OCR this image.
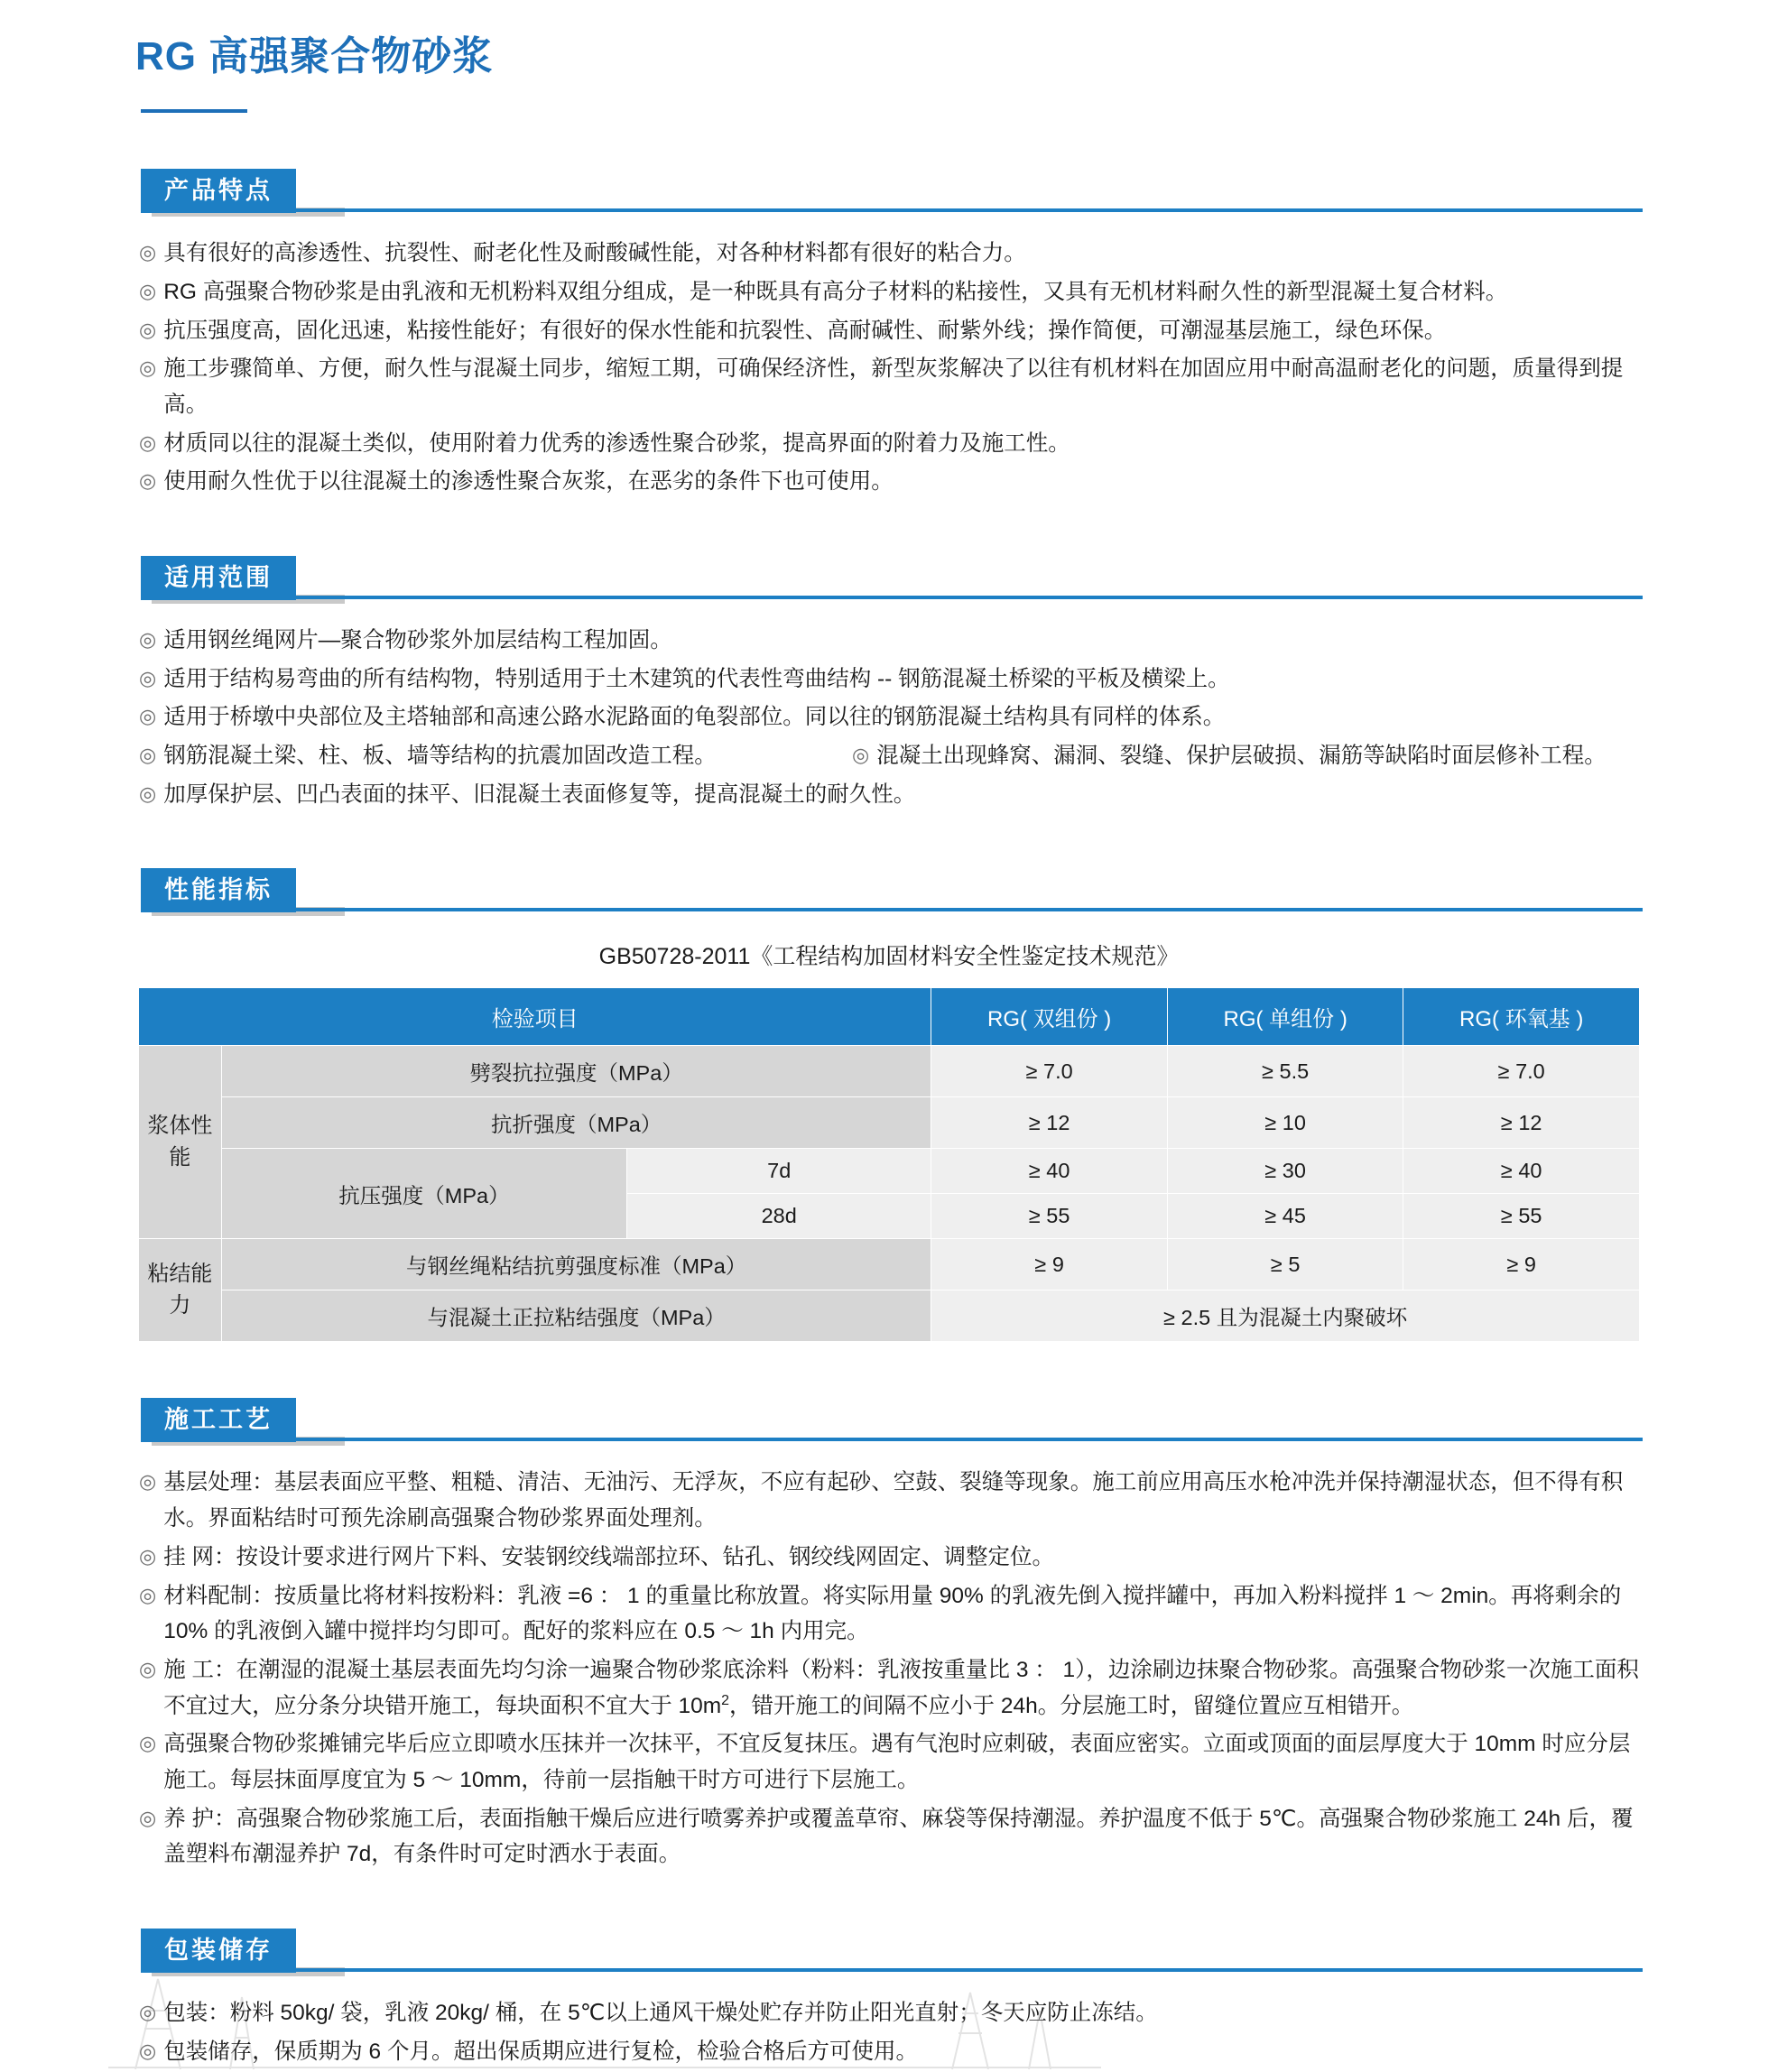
RG 高强聚合物砂浆
产品特点
◎ 具有很好的高渗透性、抗裂性、耐老化性及耐酸碱性能，对各种材料都有很好的粘合力。
◎ RG 高强聚合物砂浆是由乳液和无机粉料双组分组成，是一种既具有高分子材料的粘接性，又具有无机材料耐久性的新型混凝土复合材料。
◎ 抗压强度高，固化迅速，粘接性能好；有很好的保水性能和抗裂性、高耐碱性、耐紫外线；操作简便，可潮湿基层施工，绿色环保。
◎ 施工步骤简单、方便，耐久性与混凝土同步，缩短工期，可确保经济性，新型灰浆解决了以往有机材料在加固应用中耐高温耐老化的问题，质量得到提高。
◎ 材质同以往的混凝土类似，使用附着力优秀的渗透性聚合砂浆，提高界面的附着力及施工性。
◎ 使用耐久性优于以往混凝土的渗透性聚合灰浆，在恶劣的条件下也可使用。
适用范围
◎ 适用钢丝绳网片—聚合物砂浆外加层结构工程加固。
◎ 适用于结构易弯曲的所有结构物，特别适用于土木建筑的代表性弯曲结构 -- 钢筋混凝土桥梁的平板及横梁上。
◎ 适用于桥墩中央部位及主塔轴部和高速公路水泥路面的龟裂部位。同以往的钢筋混凝土结构具有同样的体系。
◎ 钢筋混凝土梁、柱、板、墙等结构的抗震加固改造工程。	◎ 混凝土出现蜂窝、漏洞、裂缝、保护层破损、漏筋等缺陷时面层修补工程。
◎ 加厚保护层、凹凸表面的抹平、旧混凝土表面修复等，提高混凝土的耐久性。
性能指标
GB50728-2011《工程结构加固材料安全性鉴定技术规范》
检验项目			RG( 双组份 )	RG( 单组份 )	RG( 环氧基 )
浆体性能	劈裂抗拉强度（MPa）		≥ 7.0	≥ 5.5	≥ 7.0
	抗折强度（MPa）		≥ 12	≥ 10	≥ 12
	抗压强度（MPa）	7d	≥ 40	≥ 30	≥ 40
		28d	≥ 55	≥ 45	≥ 55
粘结能力	与钢丝绳粘结抗剪强度标准（MPa）		≥ 9	≥ 5	≥ 9
	与混凝土正拉粘结强度（MPa）		≥ 2.5 且为混凝土内聚破坏		
施工工艺
◎ 基层处理：基层表面应平整、粗糙、清洁、无油污、无浮灰，不应有起砂、空鼓、裂缝等现象。施工前应用高压水枪冲洗并保持潮湿状态，但不得有积水。界面粘结时可预先涂刷高强聚合物砂浆界面处理剂。
◎ 挂 网：按设计要求进行网片下料、安装钢绞线端部拉环、钻孔、钢绞线网固定、调整定位。
◎ 材料配制：按质量比将材料按粉料：乳液 =6 ： 1 的重量比称放置。将实际用量 90% 的乳液先倒入搅拌罐中，再加入粉料搅拌 1 ～ 2min。再将剩余的 10% 的乳液倒入罐中搅拌均匀即可。配好的浆料应在 0.5 ～ 1h 内用完。
◎ 施 工：在潮湿的混凝土基层表面先均匀涂一遍聚合物砂浆底涂料（粉料：乳液按重量比 3 ： 1），边涂刷边抹聚合物砂浆。高强聚合物砂浆一次施工面积不宜过大，应分条分块错开施工，每块面积不宜大于 $10m^2$，错开施工的间隔不应小于 24h。分层施工时，留缝位置应互相错开。
◎ 高强聚合物砂浆摊铺完毕后应立即喷水压抹并一次抹平，不宜反复抹压。遇有气泡时应刺破，表面应密实。立面或顶面的面层厚度大于 10mm 时应分层施工。每层抹面厚度宜为 5 ～ 10mm，待前一层指触干时方可进行下层施工。
◎ 养 护：高强聚合物砂浆施工后，表面指触干燥后应进行喷雾养护或覆盖草帘、麻袋等保持潮湿。养护温度不低于 5℃。高强聚合物砂浆施工 24h 后，覆盖塑料布潮湿养护 7d，有条件时可定时洒水于表面。
包装储存
◎ 包装：粉料 50kg/ 袋，乳液 20kg/ 桶，在 5℃以上通风干燥处贮存并防止阳光直射；冬天应防止冻结。
◎ 包装储存，保质期为 6 个月。超出保质期应进行复检，检验合格后方可使用。
